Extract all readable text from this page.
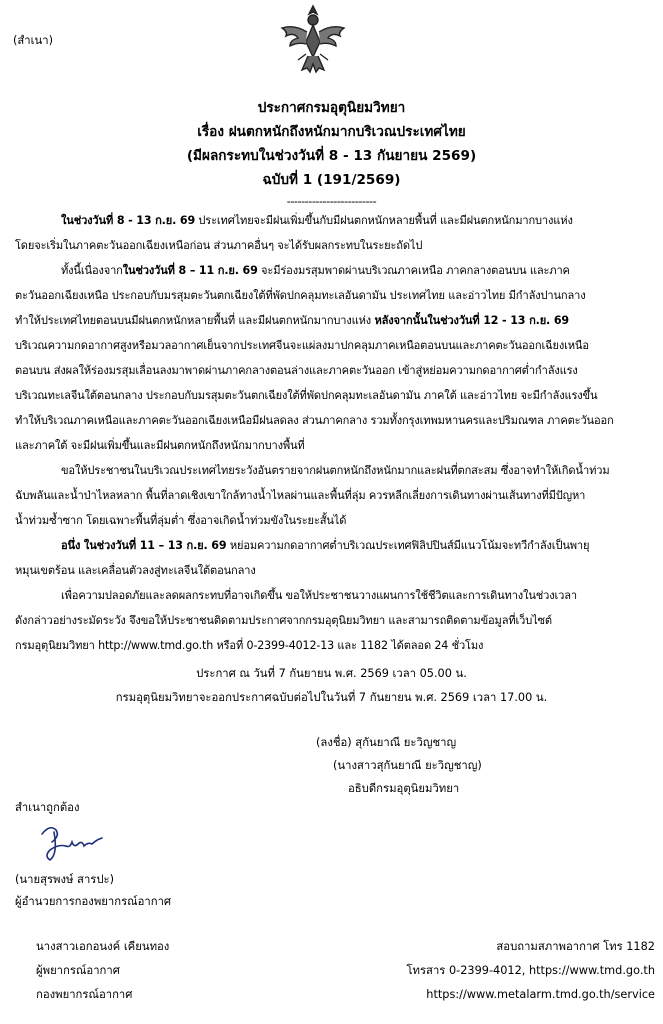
(สำเนา)
ประกาศกรมอุตุนิยมวิทยา
เรื่อง ฝนตกหนักถึงหนักมากบริเวณประเทศไทย
(มีผลกระทบในช่วงวันที่ 8 - 13 กันยายน 2569)
ฉบับที่ 1 (191/2569)
-------------------------
ในช่วงวันที่ 8 - 13 ก.ย. 69 ประเทศไทยจะมีฝนเพิ่มขึ้นกับมีฝนตกหนักหลายพื้นที่ และมีฝนตกหนักมากบางแห่ง
โดยจะเริ่มในภาคตะวันออกเฉียงเหนือก่อน ส่วนภาคอื่นๆ จะได้รับผลกระทบในระยะถัดไป
ทั้งนี้เนื่องจากในช่วงวันที่ 8 – 11 ก.ย. 69 จะมีร่องมรสุมพาดผ่านบริเวณภาคเหนือ ภาคกลางตอนบน และภาค
ตะวันออกเฉียงเหนือ ประกอบกับมรสุมตะวันตกเฉียงใต้ที่พัดปกคลุมทะเลอันดามัน ประเทศไทย และอ่าวไทย มีกำลังปานกลาง
ทำให้ประเทศไทยตอนบนมีฝนตกหนักหลายพื้นที่ และมีฝนตกหนักมากบางแห่ง หลังจากนั้นในช่วงวันที่ 12 - 13 ก.ย. 69
บริเวณความกดอากาศสูงหรือมวลอากาศเย็นจากประเทศจีนจะแผ่ลงมาปกคลุมภาคเหนือตอนบนและภาคตะวันออกเฉียงเหนือ
ตอนบน ส่งผลให้ร่องมรสุมเลื่อนลงมาพาดผ่านภาคกลางตอนล่างและภาคตะวันออก เข้าสู่หย่อมความกดอากาศต่ำกำลังแรง
บริเวณทะเลจีนใต้ตอนกลาง ประกอบกับมรสุมตะวันตกเฉียงใต้ที่พัดปกคลุมทะเลอันดามัน ภาคใต้ และอ่าวไทย จะมีกำลังแรงขึ้น
ทำให้บริเวณภาคเหนือและภาคตะวันออกเฉียงเหนือมีฝนลดลง ส่วนภาคกลาง รวมทั้งกรุงเทพมหานครและปริมณฑล ภาคตะวันออก
และภาคใต้ จะมีฝนเพิ่มขึ้นและมีฝนตกหนักถึงหนักมากบางพื้นที่
ขอให้ประชาชนในบริเวณประเทศไทยระวังอันตรายจากฝนตกหนักถึงหนักมากและฝนที่ตกสะสม ซึ่งอาจทำให้เกิดน้ำท่วม
ฉับพลันและน้ำป่าไหลหลาก พื้นที่ลาดเชิงเขาใกล้ทางน้ำไหลผ่านและพื้นที่ลุ่ม ควรหลีกเลี่ยงการเดินทางผ่านเส้นทางที่มีปัญหา
น้ำท่วมซ้ำซาก โดยเฉพาะพื้นที่ลุ่มต่ำ ซึ่งอาจเกิดน้ำท่วมขังในระยะสั้นได้
อนึ่ง ในช่วงวันที่ 11 – 13 ก.ย. 69 หย่อมความกดอากาศต่ำบริเวณประเทศฟิลิปปินส์มีแนวโน้มจะทวีกำลังเป็นพายุ
หมุนเขตร้อน และเคลื่อนตัวลงสู่ทะเลจีนใต้ตอนกลาง
เพื่อความปลอดภัยและลดผลกระทบที่อาจเกิดขึ้น ขอให้ประชาชนวางแผนการใช้ชีวิตและการเดินทางในช่วงเวลา
ดังกล่าวอย่างระมัดระวัง จึงขอให้ประชาชนติดตามประกาศจากกรมอุตุนิยมวิทยา และสามารถติดตามข้อมูลที่เว็บไซต์
กรมอุตุนิยมวิทยา http://www.tmd.go.th หรือที่ 0-2399-4012-13 และ 1182 ได้ตลอด 24 ชั่วโมง
ประกาศ ณ วันที่ 7 กันยายน พ.ศ. 2569 เวลา 05.00 น.
กรมอุตุนิยมวิทยาจะออกประกาศฉบับต่อไปในวันที่ 7 กันยายน พ.ศ. 2569 เวลา 17.00 น.
(ลงชื่อ) สุกันยาณี ยะวิญชาญ
(นางสาวสุกันยาณี ยะวิญชาญ)
อธิบดีกรมอุตุนิยมวิทยา
สำเนาถูกต้อง
(นายสุรพงษ์ สารปะ)
ผู้อำนวยการกองพยากรณ์อากาศ
นางสาวเอกอนงค์ เคียนทอง
ผู้พยากรณ์อากาศ
กองพยากรณ์อากาศ
สอบถามสภาพอากาศ โทร 1182
โทรสาร 0-2399-4012, https://www.tmd.go.th
https://www.metalarm.tmd.go.th/service
